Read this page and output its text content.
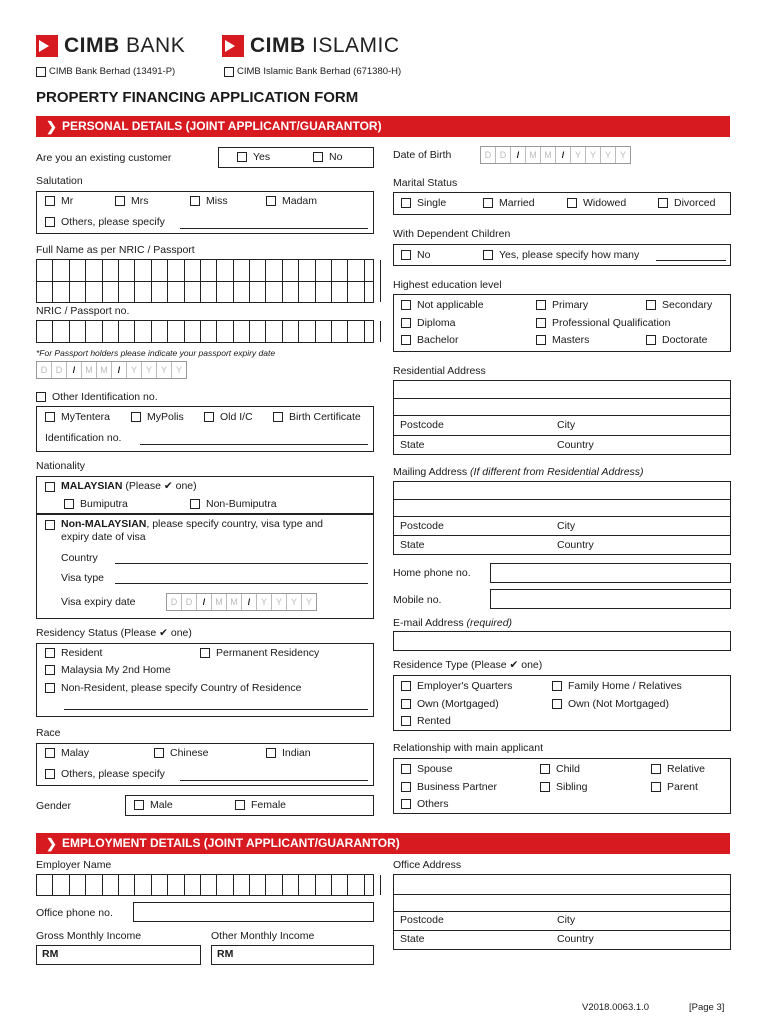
CIMB BANK	CIMB ISLAMIC
CIMB Bank Berhad (13491-P)	CIMB Islamic Bank Berhad (671380-H)
PROPERTY FINANCING APPLICATION FORM
❯ PERSONAL DETAILS (JOINT APPLICANT/GUARANTOR)
Are you an existing customer	Yes	No
Salutation
Mr	Mrs	Miss	Madam
Others, please specify
Full Name as per NRIC / Passport
NRIC / Passport no.
*For Passport holders please indicate your passport expiry date
D D	/	M M	/	Y Y Y Y
Other Identification no.
MyTentera	MyPolis	Old I/C	Birth Certificate
Identification no.
Nationality
MALAYSIAN (Please ✔ one)
Bumiputra	Non-Bumiputra
Non-MALAYSIAN, please specify country, visa type and
expiry date of visa
Country
Visa type
Visa expiry date	D D	/	M M	/	Y Y Y Y
Residency Status (Please ✔ one)
Resident	Permanent Residency
Malaysia My 2nd Home
Non-Resident, please specify Country of Residence
Race
Malay	Chinese	Indian
Others, please specify
Gender	Male	Female
Date of Birth	D D	/	M M	/	Y Y Y Y
Marital Status
Single	Married	Widowed	Divorced
With Dependent Children
No	Yes, please specify how many
Highest education level
Not applicable	Primary	Secondary
Diploma	Professional Qualification
Bachelor	Masters	Doctorate
Residential Address
Postcode	City
State	Country
Mailing Address (If different from Residential Address)
Postcode	City
State	Country
Home phone no.
Mobile no.
E-mail Address (required)
Residence Type (Please ✔ one)
Employer's Quarters	Family Home / Relatives
Own (Mortgaged)	Own (Not Mortgaged)
Rented
Relationship with main applicant
Spouse	Child	Relative
Business Partner	Sibling	Parent
Others
❯ EMPLOYMENT DETAILS (JOINT APPLICANT/GUARANTOR)
Employer Name
Office phone no.
Gross Monthly Income
RM
Other Monthly Income
RM
Office Address
Postcode	City
State	Country
V2018.0063.1.0	[Page 3]
